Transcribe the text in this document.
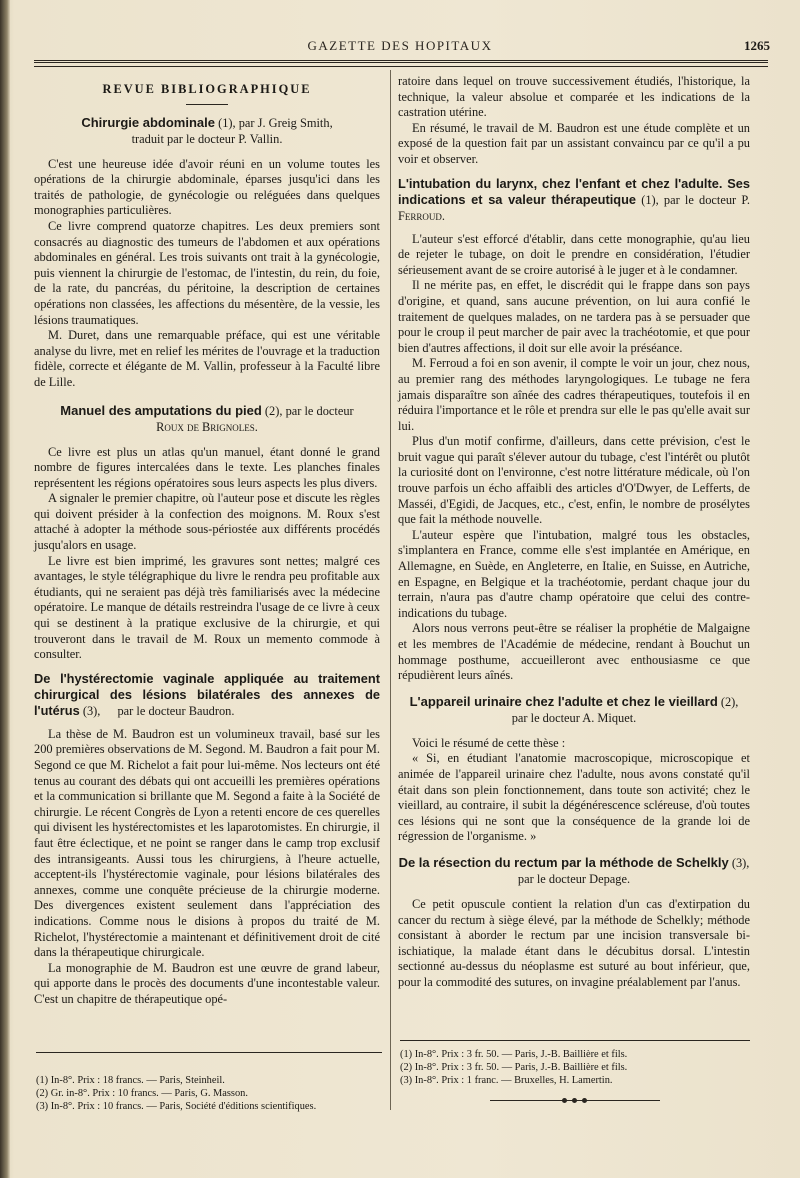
GAZETTE DES HOPITAUX	1265
REVUE BIBLIOGRAPHIQUE
Chirurgie abdominale (1), par J. Greig Smith,
traduit par le docteur P. Vallin.

C'est une heureuse idée d'avoir réuni en un volume toutes les opérations de la chirurgie abdominale, éparses jusqu'ici dans les traités de pathologie, de gynécologie ou reléguées dans quelques monographies particulières.

Ce livre comprend quatorze chapitres. Les deux premiers sont consacrés au diagnostic des tumeurs de l'abdomen et aux opérations abdominales en général. Les trois suivants ont trait à la gynécologie, puis viennent la chirurgie de l'estomac, de l'intestin, du rein, du foie, de la rate, du pancréas, du péritoine, la description de certaines opérations non classées, les affections du mésentère, de la vessie, les lésions traumatiques.

M. Duret, dans une remarquable préface, qui est une véritable analyse du livre, met en relief les mérites de l'ouvrage et la traduction fidèle, correcte et élégante de M. Vallin, professeur à la Faculté libre de Lille.

Manuel des amputations du pied (2), par le docteur
Roux de Brignoles.

Ce livre est plus un atlas qu'un manuel, étant donné le grand nombre de figures intercalées dans le texte. Les planches finales représentent les régions opératoires sous leurs aspects les plus divers.

A signaler le premier chapitre, où l'auteur pose et discute les règles qui doivent présider à la confection des moignons. M. Roux s'est attaché à adopter la méthode sous-périostée aux différents procédés jusqu'alors en usage.

Le livre est bien imprimé, les gravures sont nettes; malgré ces avantages, le style télégraphique du livre le rendra peu profitable aux étudiants, qui ne seraient pas déjà très familiarisés avec la médecine opératoire. Le manque de détails restreindra l'usage de ce livre à ceux qui se destinent à la pratique exclusive de la chirurgie, et qui trouveront dans le travail de M. Roux un memento commode à consulter.

De l'hystérectomie vaginale appliquée au traitement chirurgical des lésions bilatérales des annexes de l'utérus (3), par le docteur Baudron.

La thèse de M. Baudron est un volumineux travail, basé sur les 200 premières observations de M. Segond. M. Baudron a fait pour M. Segond ce que M. Richelot a fait pour lui-même. Nos lecteurs ont été tenus au courant des débats qui ont accueilli les premières opérations et la communication si brillante que M. Segond a faite à la Société de chirurgie. Le récent Congrès de Lyon a retenti encore de ces querelles qui divisent les hystérectomistes et les laparotomistes. En chirurgie, il faut être éclectique, et ne point se ranger dans le camp trop exclusif des intransigeants. Aussi tous les chirurgiens, à l'heure actuelle, acceptent-ils l'hystérectomie vaginale, pour lésions bilatérales des annexes, comme une conquête précieuse de la chirurgie moderne. Des divergences existent seulement dans l'appréciation des indications. Comme nous le disions à propos du traité de M. Richelot, l'hystérectomie a maintenant et définitivement droit de cité dans la thérapeutique chirurgicale.

La monographie de M. Baudron est une œuvre de grand labeur, qui apporte dans le procès des documents d'une incontestable valeur. C'est un chapitre de thérapeutique opé-

(1) In-8°. Prix : 18 francs. — Paris, Steinheil.
(2) Gr. in-8°. Prix : 10 francs. — Paris, G. Masson.
(3) In-8°. Prix : 10 francs. — Paris, Société d'éditions scientifiques.

ratoire dans lequel on trouve successivement étudiés, l'historique, la technique, la valeur absolue et comparée et les indications de la castration utérine.

En résumé, le travail de M. Baudron est une étude complète et un exposé de la question fait par un assistant convaincu par ce qu'il a pu voir et observer.

L'intubation du larynx, chez l'enfant et chez l'adulte. Ses indications et sa valeur thérapeutique (1), par le docteur P. Ferroud.

L'auteur s'est efforcé d'établir, dans cette monographie, qu'au lieu de rejeter le tubage, on doit le prendre en considération, l'étudier sérieusement avant de se croire autorisé à le juger et à le condamner.

Il ne mérite pas, en effet, le discrédit qui le frappe dans son pays d'origine, et quand, sans aucune prévention, on lui aura confié le traitement de quelques malades, on ne tardera pas à se persuader que pour le croup il peut marcher de pair avec la trachéotomie, et que pour bien d'autres affections, il doit sur elle avoir la préséance.

M. Ferroud a foi en son avenir, il compte le voir un jour, chez nous, au premier rang des méthodes laryngologiques. Le tubage ne fera jamais disparaître son aînée des cadres thérapeutiques, toutefois il en réduira l'importance et le rôle et prendra sur elle le pas qu'elle avait sur lui.

Plus d'un motif confirme, d'ailleurs, dans cette prévision, c'est le bruit vague qui paraît s'élever autour du tubage, c'est l'intérêt ou plutôt la curiosité dont on l'environne, c'est notre littérature médicale, où l'on trouve parfois un écho affaibli des articles d'O'Dwyer, de Lefferts, de Masséi, d'Egidi, de Jacques, etc., c'est, enfin, le nombre de prosélytes que fait la méthode nouvelle.

L'auteur espère que l'intubation, malgré tous les obstacles, s'implantera en France, comme elle s'est implantée en Amérique, en Allemagne, en Suède, en Angleterre, en Italie, en Suisse, en Autriche, en Espagne, en Belgique et la trachéotomie, perdant chaque jour du terrain, n'aura pas d'autre champ opératoire que celui des contre-indications du tubage.

Alors nous verrons peut-être se réaliser la prophétie de Malgaigne et les membres de l'Académie de médecine, rendant à Bouchut un hommage posthume, accueilleront avec enthousiasme ce que répudièrent leurs aînés.

L'appareil urinaire chez l'adulte et chez le vieillard (2),
par le docteur A. Miquet.

Voici le résumé de cette thèse :

« Si, en étudiant l'anatomie macroscopique, microscopique et animée de l'appareil urinaire chez l'adulte, nous avons constaté qu'il était dans son plein fonctionnement, dans toute son activité; chez le vieillard, au contraire, il subit la dégénérescence scléreuse, d'où toutes ces lésions qui ne sont que la conséquence de la grande loi de régression de l'organisme. »

De la résection du rectum par la méthode de Schelkly (3),
par le docteur Depage.

Ce petit opuscule contient la relation d'un cas d'extirpation du cancer du rectum à siège élevé, par la méthode de Schelkly; méthode consistant à aborder le rectum par une incision transversale bi-ischiatique, la malade étant dans le décubitus dorsal. L'intestin sectionné au-dessus du néoplasme est suturé au bout inférieur, que, pour la commodité des sutures, on invagine préalablement par l'anus.

(1) In-8°. Prix : 3 fr. 50. — Paris, J.-B. Baillière et fils.
(2) In-8°. Prix : 3 fr. 50. — Paris, J.-B. Baillière et fils.
(3) In-8°. Prix : 1 franc. — Bruxelles, H. Lamertin.
